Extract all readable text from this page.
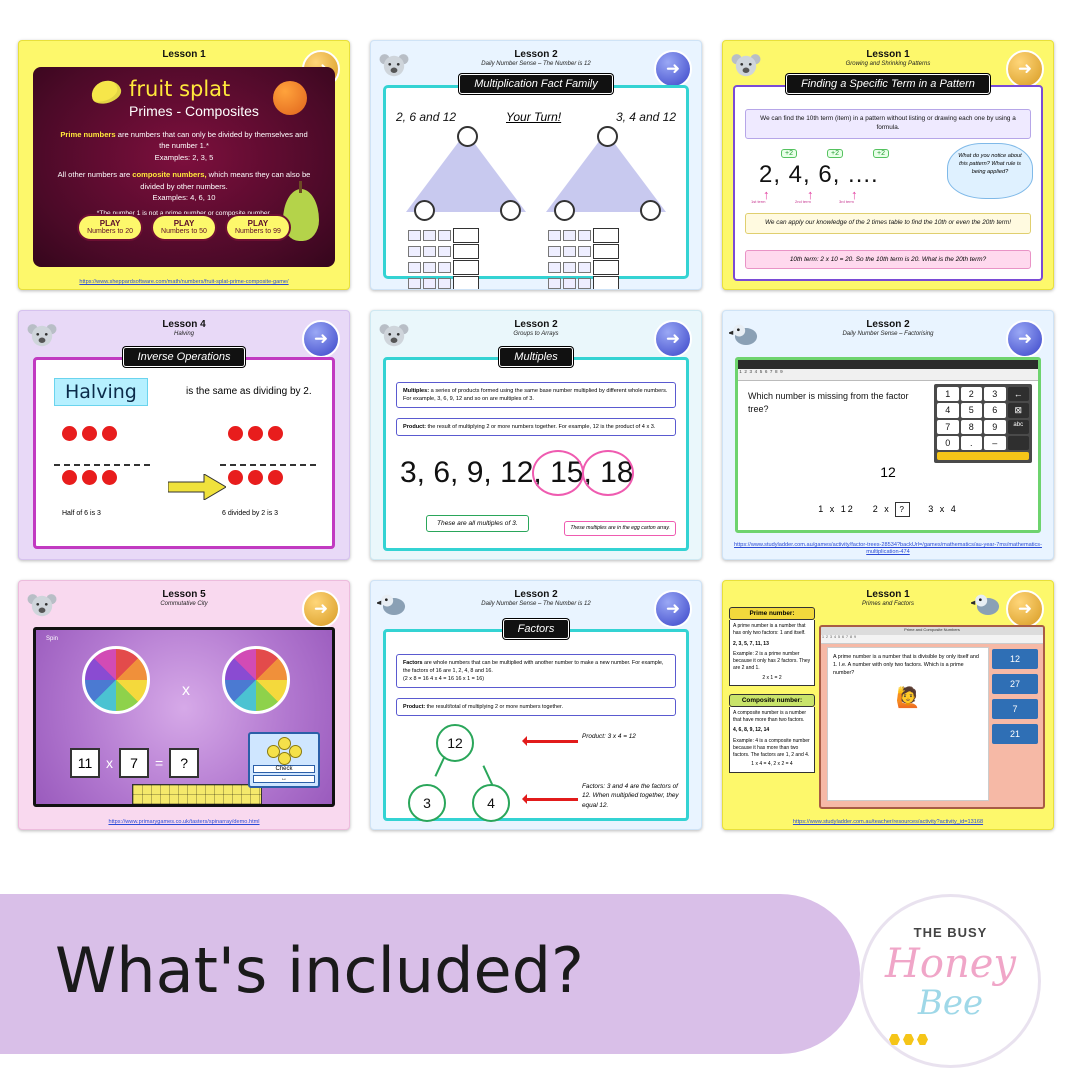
Lesson 1
fruit splat
Primes - Composites
Prime numbers are numbers that can only be divided by themselves and the number 1.*
Examples: 2, 3, 5
All other numbers are composite numbers, which means they can also be divided by other numbers.
Examples: 4, 6, 10
1 is not or composite
PLAY
Numbers to 20
PLAY
Numbers to 50
PLAY
Numbers to 99
https://www.sheppardsoftware.com/math/numbers/fruit-splat-prime-composite-game/
Lesson 2
Daily Number Sense – The Number is 12	➜
Multiplication Fact Family
2, 6 and 12	Your Turn!	3, 4 and 12
Lesson 1
Growing and Shrinking Patterns	➜
Finding a Specific Term in a Pattern
We can find the 10th term (item) in a pattern without listing or drawing each one by using a formula.
+2	+2	+2
2, 4, 6, ....
↑	↑	↑
1st term	2nd term	3rd term
What do you notice about this pattern? What rule is being applied?
We can apply our knowledge of the 2 times table to find the 10th or even the 20th term!
10th term: 2 x 10 = 20. So the 10th term is 20. What is the 20th term?
Lesson 4
Halving	➜
Inverse Operations
Halving	is the same as dividing by 2.
Half of 6 is 3	6 divided by 2 is 3
Lesson 2
Groups to Arrays	➜
Multiples
Multiples: a series of products formed using the same base number multiplied by different whole numbers. For example, 3, 6, 9, 12 and so on are multiples of 3.
Product: the result of multiplying 2 or more numbers together. For example, 12 is the product of 4 x 3.
3, 6, 9, 12, 15, 18
These are all multiples of 3.
These multiples are in the egg carton array.
Lesson 2
Daily Number Sense – Factorising	➜
1  2  3  4  5  6  7  8  9
Which number is missing from the factor tree?
1	2	3	←
4	5	6	⊠
7	8	9	abc
0	.	–

12
1 x 12 2 x ? 3 x 4
https://www.studyladder.com.au/games/activity/factor-trees-28534?backUrl=/games/mathematics/au-year-7ms/mathematics-multiplication-474
Lesson 5
Commutative City	➜
Spin
x
11 x	7	=	?	Check
↔
https://www.primarygames.co.uk/tasters/spinarray/demo.html
Lesson 2
Daily Number Sense – The Number is 12	➜
Factors
Factors are whole numbers that can be multiplied with another number to make a new number. For example, the factors of 16 are 1, 2, 4, 8 and 16.
(2 x 8 = 16 4 x 4 = 16 16 x 1 = 16)
Product: the result/total of multiplying 2 or more numbers together.
12
3	4
Product: 3 x 4 = 12
Factors: 3 and 4 are the factors of 12. When multiplied together, they equal 12.
Lesson 1
Primes and Factors	➜
Prime number:
A prime number is a number that has only two factors: 1 and itself.
2, 3, 5, 7, 11, 13
Example: 2 is a prime number because it only has 2 factors. They are 2 and 1.
2 x 1 = 2
Composite number:
A composite number is a number that have more than two factors.
4, 6, 8, 9, 12, 14
Example: 4 is a composite number because it has more than two factors. The factors are 1, 2 and 4.
1 x 4 = 4, 2 x 2 = 4
Prime and Composite Numbers
1  2  3  4  5  6  7  8  9
A prime number is a number that is divisible by only itself and 1. I.e. A number with only two factors. Which is a prime number?
🙋
12
27
7
21
https://www.studyladder.com.au/teacher/resources/activity?activity_id=13168
What's included?
THE BUSY
Honey
Bee
